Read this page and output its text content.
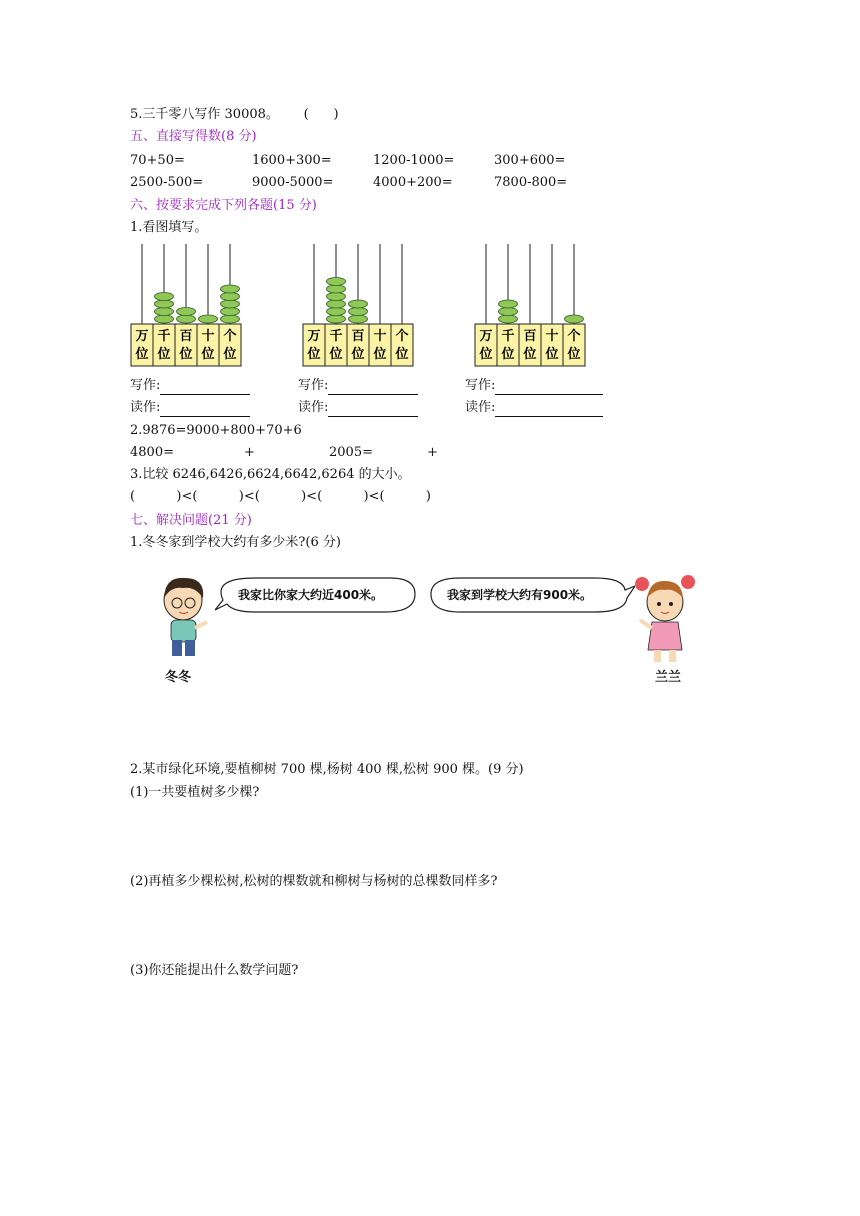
5.三千零八写作 30008。      (      )
五、直接写得数(8 分)
70+50=	1600+300=	1200-1000=	300+600=
2500-500=	9000-5000=	4000+200=	7800-800=
六、按要求完成下列各题(15 分)
1.看图填写。
万
位
千
位
百
位
十
位
个
位
万
位
千
位
百
位
十
位
个
位
万
位
千
位
百
位
十
位
个
位
写作:	写作:	写作:
读作:	读作:	读作:
2.9876=9000+800+70+6
4800=	+	2005=	+
3.比较 6246,6426,6624,6642,6264 的大小。
(          )<(          )<(          )<(          )<(          )
七、解决问题(21 分)
1.冬冬家到学校大约有多少米?(6 分)
冬冬
我家比你家大约近400米。	我家到学校大约有900米。
兰兰
2.某市绿化环境,要植柳树 700 棵,杨树 400 棵,松树 900 棵。(9 分)
(1)一共要植树多少棵?
(2)再植多少棵松树,松树的棵数就和柳树与杨树的总棵数同样多?
(3)你还能提出什么数学问题?
